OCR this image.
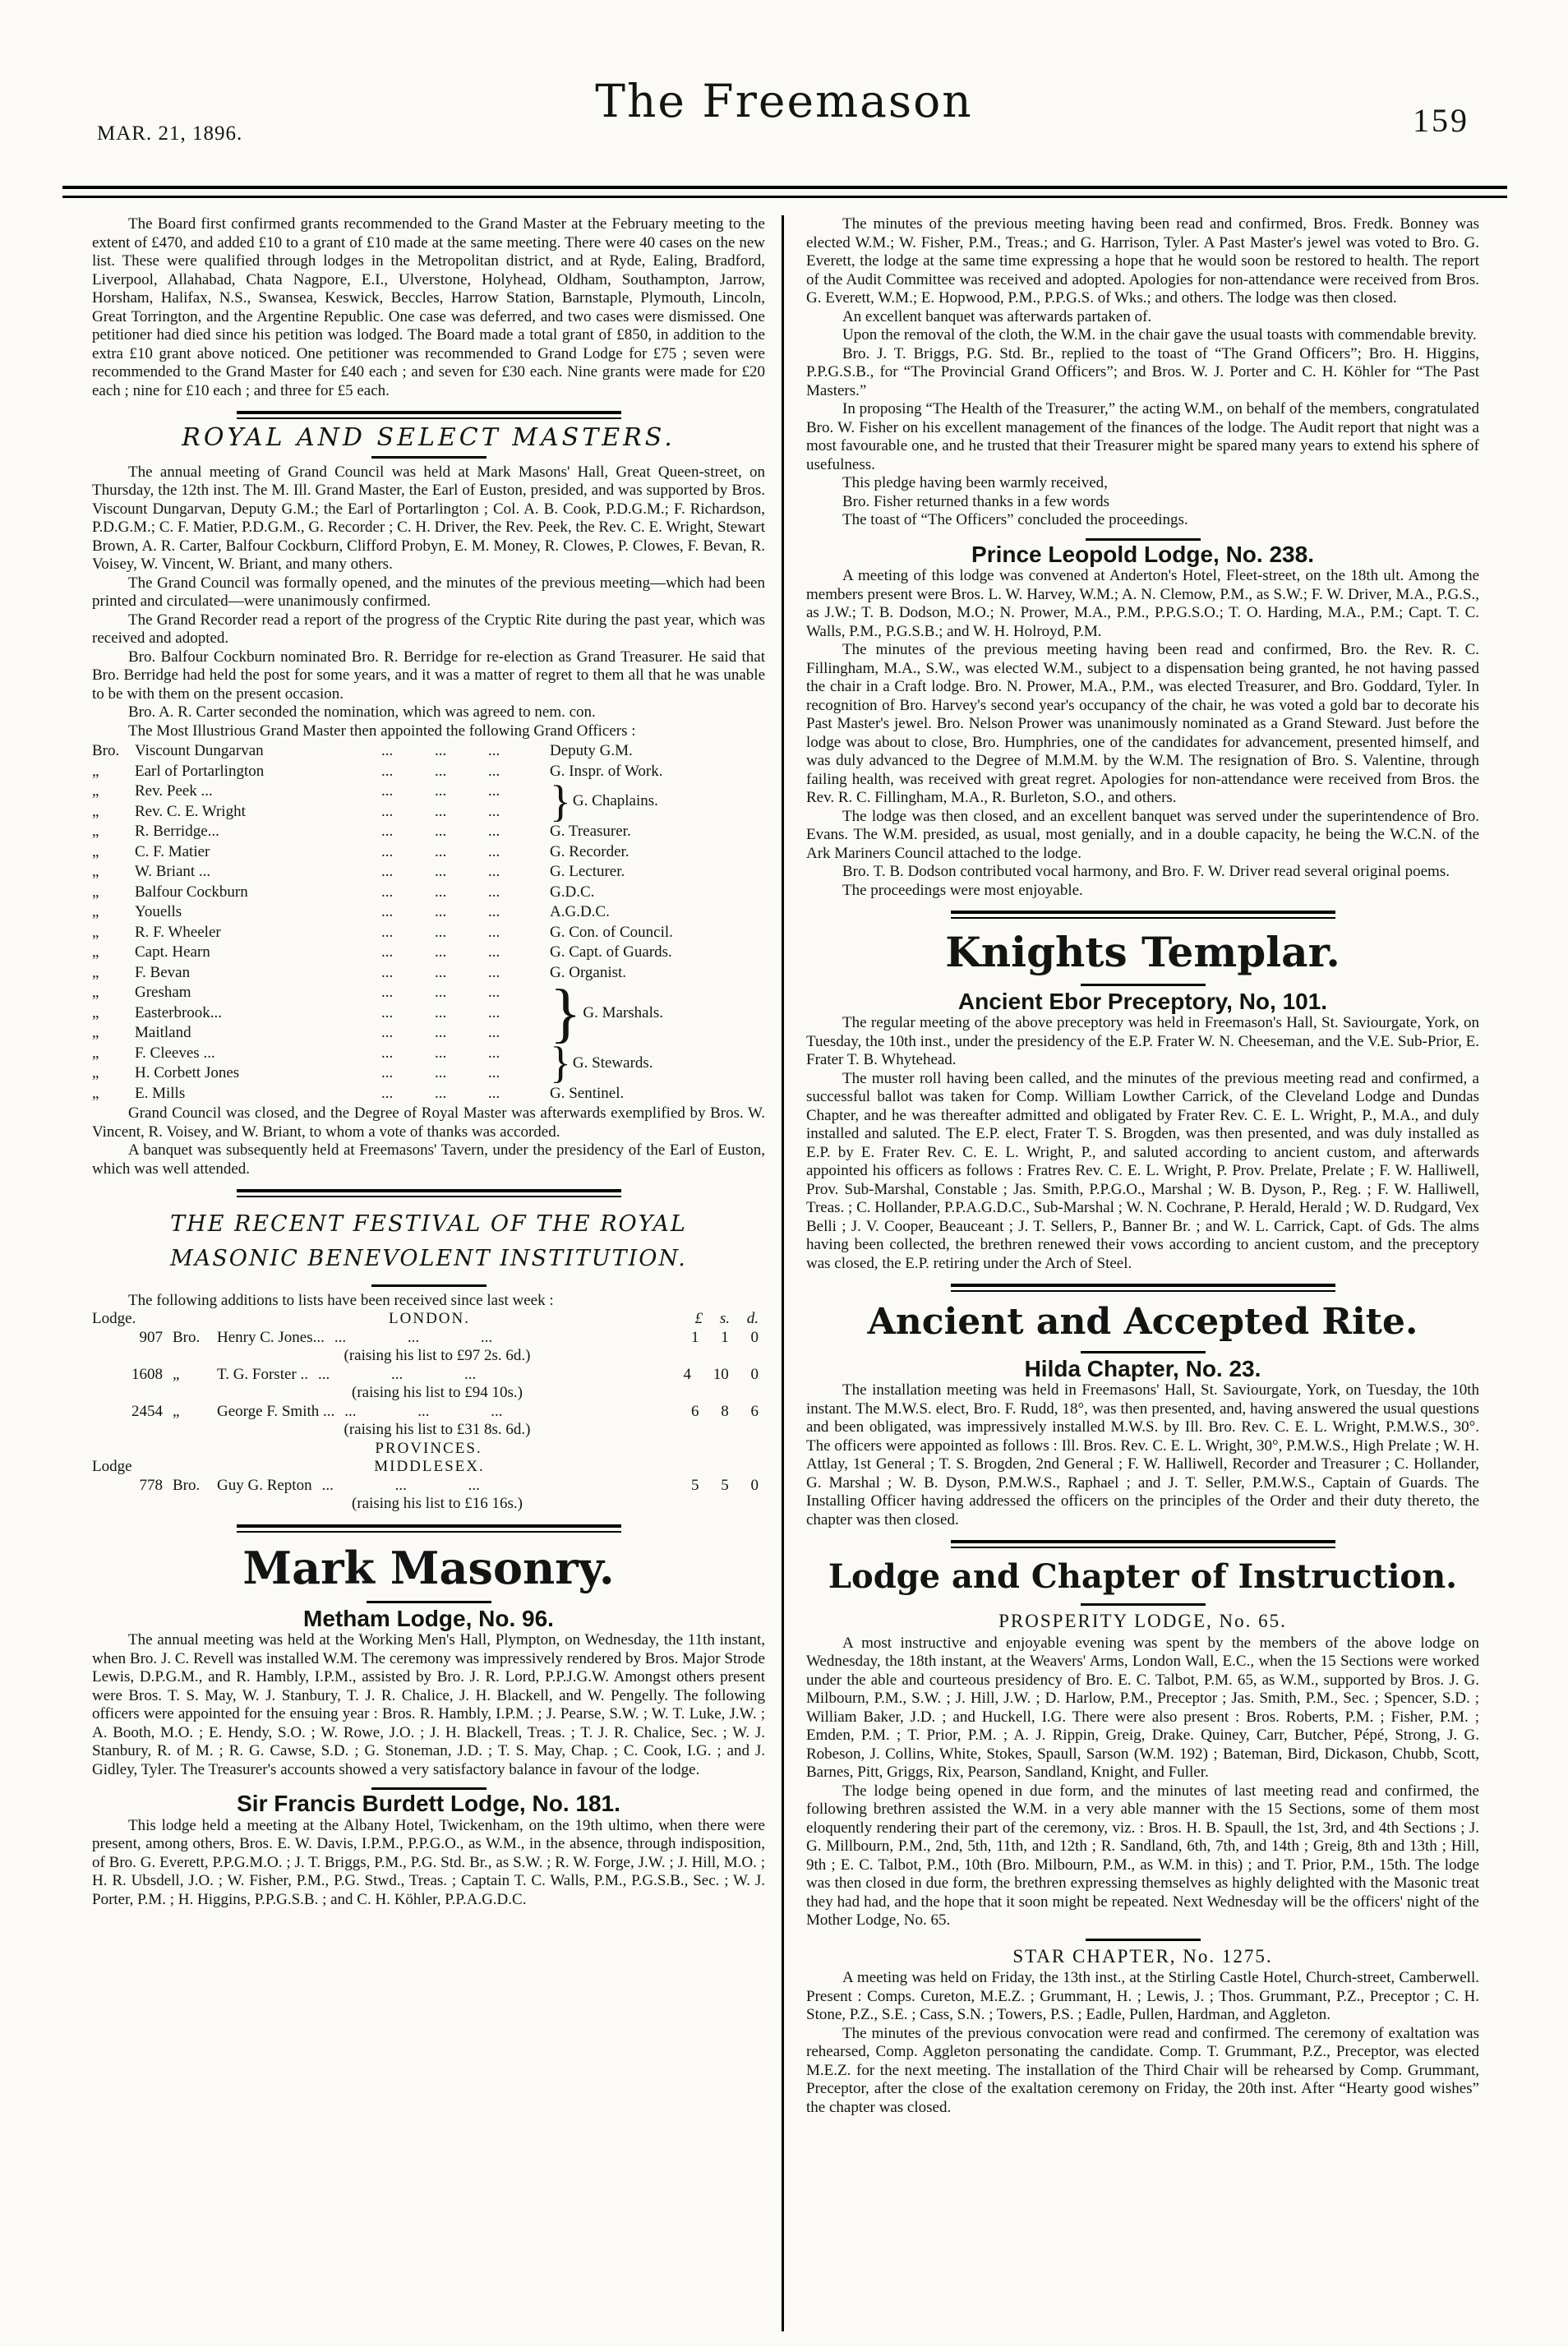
MAR. 21, 1896.
The Freemason	159

The Board first confirmed grants recommended to the Grand Master at the February meeting to the extent of £470, and added £10 to a grant of £10 made at the same meeting. There were 40 cases on the new list. These were qualified through lodges in the Metropolitan district, and at Ryde, Ealing, Bradford, Liverpool, Allahabad, Chata Nagpore, E.I., Ulverstone, Holyhead, Oldham, Southampton, Jarrow, Horsham, Halifax, N.S., Swansea, Keswick, Beccles, Harrow Station, Barnstaple, Plymouth, Lincoln, Great Torrington, and the Argentine Republic. One case was deferred, and two cases were dismissed. One petitioner had died since his petition was lodged. The Board made a total grant of £850, in addition to the extra £10 grant above noticed. One petitioner was recommended to Grand Lodge for £75 ; seven were recommended to the Grand Master for £40 each ; and seven for £30 each. Nine grants were made for £20 each ; nine for £10 each ; and three for £5 each.

ROYAL AND SELECT MASTERS.

The annual meeting of Grand Council was held at Mark Masons' Hall, Great Queen-street, on Thursday, the 12th inst. The M. Ill. Grand Master, the Earl of Euston, presided, and was supported by Bros. Viscount Dungarvan, Deputy G.M.; the Earl of Portarlington ; Col. A. B. Cook, P.D.G.M.; F. Richardson, P.D.G.M.; C. F. Matier, P.D.G.M., G. Recorder ; C. H. Driver, the Rev. Peek, the Rev. C. E. Wright, Stewart Brown, A. R. Carter, Balfour Cockburn, Clifford Probyn, E. M. Money, R. Clowes, P. Clowes, F. Bevan, R. Voisey, W. Vincent, W. Briant, and many others.

The Grand Council was formally opened, and the minutes of the previous meeting—which had been printed and circulated—were unanimously confirmed.

The Grand Recorder read a report of the progress of the Cryptic Rite during the past year, which was received and adopted.

Bro. Balfour Cockburn nominated Bro. R. Berridge for re-election as Grand Treasurer. He said that Bro. Berridge had held the post for some years, and it was a matter of regret to them all that he was unable to be with them on the present occasion.

Bro. A. R. Carter seconded the nomination, which was agreed to nem. con.

The Most Illustrious Grand Master then appointed the following Grand Officers :

Bro.	Viscount Dungarvan	... ... ...	Deputy G.M.
„	Earl of Portarlington	... ... ...	G. Inspr. of Work.
„	Rev. Peek ...	... ... ...	} G. Chaplains.

„	Rev. C. E. Wright	... ... ...	
„	R. Berridge...	... ... ...	G. Treasurer.
„	C. F. Matier	... ... ...	G. Recorder.
„	W. Briant ...	... ... ...	G. Lecturer.
„	Balfour Cockburn	... ... ...	G.D.C.
„	Youells	... ... ...	A.G.D.C.
„	R. F. Wheeler	... ... ...	G. Con. of Council.
„	Capt. Hearn	... ... ...	G. Capt. of Guards.
„	F. Bevan	... ... ...	G. Organist.
„	Gresham	... ... ...	} G. Marshals.

„	Easterbrook...	... ... ...	
„	Maitland	... ... ...	
„	F. Cleeves ...	... ... ...	} G. Stewards.

„	H. Corbett Jones	... ... ...	
„	E. Mills	... ... ...	G. Sentinel.

Grand Council was closed, and the Degree of Royal Master was afterwards exemplified by Bros. W. Vincent, R. Voisey, and W. Briant, to whom a vote of thanks was accorded.

A banquet was subsequently held at Freemasons' Tavern, under the presidency of the Earl of Euston, which was well attended.

THE RECENT FESTIVAL OF THE ROYAL
MASONIC BENEVOLENT INSTITUTION.

The following additions to lists have been received since last week :

Lodge.	LONDON.	£ s. d.
907 Bro.	Henry C. Jones... ... ... ...	1 1 0
(raising his list to £97 2s. 6d.)
1608 „	T. G. Forster .. ... ... ...	4 10 0
(raising his list to £94 10s.)
2454 „	George F. Smith ... ... ... ...	6 8 6
(raising his list to £31 8s. 6d.)
PROVINCES.
Lodge	MIDDLESEX.
778 Bro.	Guy G. Repton ... ... ...	5 5 0
(raising his list to £16 16s.)
Mark Masonry.
Metham Lodge, No. 96.

The annual meeting was held at the Working Men's Hall, Plympton, on Wednesday, the 11th instant, when Bro. J. C. Revell was installed W.M. The ceremony was impressively rendered by Bros. Major Strode Lewis, D.P.G.M., and R. Hambly, I.P.M., assisted by Bro. J. R. Lord, P.P.J.G.W. Amongst others present were Bros. T. S. May, W. J. Stanbury, T. J. R. Chalice, J. H. Blackell, and W. Pengelly. The following officers were appointed for the ensuing year : Bros. R. Hambly, I.P.M. ; J. Pearse, S.W. ; W. T. Luke, J.W. ; A. Booth, M.O. ; E. Hendy, S.O. ; W. Rowe, J.O. ; J. H. Blackell, Treas. ; T. J. R. Chalice, Sec. ; W. J. Stanbury, R. of M. ; R. G. Cawse, S.D. ; G. Stoneman, J.D. ; T. S. May, Chap. ; C. Cook, I.G. ; and J. Gidley, Tyler. The Treasurer's accounts showed a very satisfactory balance in favour of the lodge.

Sir Francis Burdett Lodge, No. 181.

This lodge held a meeting at the Albany Hotel, Twickenham, on the 19th ultimo, when there were present, among others, Bros. E. W. Davis, I.P.M., P.P.G.O., as W.M., in the absence, through indisposition, of Bro. G. Everett, P.P.G.M.O. ; J. T. Briggs, P.M., P.G. Std. Br., as S.W. ; R. W. Forge, J.W. ; J. Hill, M.O. ; H. R. Ubsdell, J.O. ; W. Fisher, P.M., P.G. Stwd., Treas. ; Captain T. C. Walls, P.M., P.G.S.B., Sec. ; W. J. Porter, P.M. ; H. Higgins, P.P.G.S.B. ; and C. H. Köhler, P.P.A.G.D.C.

The minutes of the previous meeting having been read and confirmed, Bros. Fredk. Bonney was elected W.M.; W. Fisher, P.M., Treas.; and G. Harrison, Tyler. A Past Master's jewel was voted to Bro. G. Everett, the lodge at the same time expressing a hope that he would soon be restored to health. The report of the Audit Committee was received and adopted. Apologies for non-attendance were received from Bros. G. Everett, W.M.; E. Hopwood, P.M., P.P.G.S. of Wks.; and others. The lodge was then closed.

An excellent banquet was afterwards partaken of.

Upon the removal of the cloth, the W.M. in the chair gave the usual toasts with commendable brevity.

Bro. J. T. Briggs, P.G. Std. Br., replied to the toast of “The Grand Officers”; Bro. H. Higgins, P.P.G.S.B., for “The Provincial Grand Officers”; and Bros. W. J. Porter and C. H. Köhler for “The Past Masters.”

In proposing “The Health of the Treasurer,” the acting W.M., on behalf of the members, congratulated Bro. W. Fisher on his excellent management of the finances of the lodge. The Audit report that night was a most favourable one, and he trusted that their Treasurer might be spared many years to extend his sphere of usefulness.

This pledge having been warmly received,

Bro. Fisher returned thanks in a few words

The toast of “The Officers” concluded the proceedings.

Prince Leopold Lodge, No. 238.

A meeting of this lodge was convened at Anderton's Hotel, Fleet-street, on the 18th ult. Among the members present were Bros. L. W. Harvey, W.M.; A. N. Clemow, P.M., as S.W.; F. W. Driver, M.A., P.G.S., as J.W.; T. B. Dodson, M.O.; N. Prower, M.A., P.M., P.P.G.S.O.; T. O. Harding, M.A., P.M.; Capt. T. C. Walls, P.M., P.G.S.B.; and W. H. Holroyd, P.M.

The minutes of the previous meeting having been read and confirmed, Bro. the Rev. R. C. Fillingham, M.A., S.W., was elected W.M., subject to a dispensation being granted, he not having passed the chair in a Craft lodge. Bro. N. Prower, M.A., P.M., was elected Treasurer, and Bro. Goddard, Tyler. In recognition of Bro. Harvey's second year's occupancy of the chair, he was voted a gold bar to decorate his Past Master's jewel. Bro. Nelson Prower was unanimously nominated as a Grand Steward. Just before the lodge was about to close, Bro. Humphries, one of the candidates for advancement, presented himself, and was duly advanced to the Degree of M.M.M. by the W.M. The resignation of Bro. S. Valentine, through failing health, was received with great regret. Apologies for non-attendance were received from Bros. the Rev. R. C. Fillingham, M.A., R. Burleton, S.O., and others.

The lodge was then closed, and an excellent banquet was served under the superintendence of Bro. Evans. The W.M. presided, as usual, most genially, and in a double capacity, he being the W.C.N. of the Ark Mariners Council attached to the lodge.

Bro. T. B. Dodson contributed vocal harmony, and Bro. F. W. Driver read several original poems.

The proceedings were most enjoyable.

Knights Templar.
Ancient Ebor Preceptory, No, 101.

The regular meeting of the above preceptory was held in Freemason's Hall, St. Saviourgate, York, on Tuesday, the 10th inst., under the presidency of the E.P. Frater W. N. Cheeseman, and the V.E. Sub-Prior, E. Frater T. B. Whytehead.

The muster roll having been called, and the minutes of the previous meeting read and confirmed, a successful ballot was taken for Comp. William Lowther Carrick, of the Cleveland Lodge and Dundas Chapter, and he was thereafter admitted and obligated by Frater Rev. C. E. L. Wright, P., M.A., and duly installed and saluted. The E.P. elect, Frater T. S. Brogden, was then presented, and was duly installed as E.P. by E. Frater Rev. C. E. L. Wright, P., and saluted according to ancient custom, and afterwards appointed his officers as follows : Fratres Rev. C. E. L. Wright, P. Prov. Prelate, Prelate ; F. W. Halliwell, Prov. Sub-Marshal, Constable ; Jas. Smith, P.P.G.O., Marshal ; W. B. Dyson, P., Reg. ; F. W. Halliwell, Treas. ; C. Hollander, P.P.A.G.D.C., Sub-Marshal ; W. N. Cochrane, P. Herald, Herald ; W. D. Rudgard, Vex Belli ; J. V. Cooper, Beauceant ; J. T. Sellers, P., Banner Br. ; and W. L. Carrick, Capt. of Gds. The alms having been collected, the brethren renewed their vows according to ancient custom, and the preceptory was closed, the E.P. retiring under the Arch of Steel.

Ancient and Accepted Rite.
Hilda Chapter, No. 23.

The installation meeting was held in Freemasons' Hall, St. Saviourgate, York, on Tuesday, the 10th instant. The M.W.S. elect, Bro. F. Rudd, 18°, was then presented, and, having answered the usual questions and been obligated, was impressively installed M.W.S. by Ill. Bro. Rev. C. E. L. Wright, P.M.W.S., 30°. The officers were appointed as follows : Ill. Bros. Rev. C. E. L. Wright, 30°, P.M.W.S., High Prelate ; W. H. Attlay, 1st General ; T. S. Brogden, 2nd General ; F. W. Halliwell, Recorder and Treasurer ; C. Hollander, G. Marshal ; W. B. Dyson, P.M.W.S., Raphael ; and J. T. Seller, P.M.W.S., Captain of Guards. The Installing Officer having addressed the officers on the principles of the Order and their duty thereto, the chapter was then closed.

Lodge and Chapter of Instruction.
PROSPERITY LODGE, No. 65.

A most instructive and enjoyable evening was spent by the members of the above lodge on Wednesday, the 18th instant, at the Weavers' Arms, London Wall, E.C., when the 15 Sections were worked under the able and courteous presidency of Bro. E. C. Talbot, P.M. 65, as W.M., supported by Bros. J. G. Milbourn, P.M., S.W. ; J. Hill, J.W. ; D. Harlow, P.M., Preceptor ; Jas. Smith, P.M., Sec. ; Spencer, S.D. ; William Baker, J.D. ; and Huckell, I.G. There were also present : Bros. Roberts, P.M. ; Fisher, P.M. ; Emden, P.M. ; T. Prior, P.M. ; A. J. Rippin, Greig, Drake. Quiney, Carr, Butcher, Pépé, Strong, J. G. Robeson, J. Collins, White, Stokes, Spaull, Sarson (W.M. 192) ; Bateman, Bird, Dickason, Chubb, Scott, Barnes, Pitt, Griggs, Rix, Pearson, Sandland, Knight, and Fuller.

The lodge being opened in due form, and the minutes of last meeting read and confirmed, the following brethren assisted the W.M. in a very able manner with the 15 Sections, some of them most eloquently rendering their part of the ceremony, viz. : Bros. H. B. Spaull, the 1st, 3rd, and 4th Sections ; J. G. Millbourn, P.M., 2nd, 5th, 11th, and 12th ; R. Sandland, 6th, 7th, and 14th ; Greig, 8th and 13th ; Hill, 9th ; E. C. Talbot, P.M., 10th (Bro. Milbourn, P.M., as W.M. in this) ; and T. Prior, P.M., 15th. The lodge was then closed in due form, the brethren expressing themselves as highly delighted with the Masonic treat they had had, and the hope that it soon might be repeated. Next Wednesday will be the officers' night of the Mother Lodge, No. 65.

STAR CHAPTER, No. 1275.

A meeting was held on Friday, the 13th inst., at the Stirling Castle Hotel, Church-street, Camberwell. Present : Comps. Cureton, M.E.Z. ; Grummant, H. ; Lewis, J. ; Thos. Grummant, P.Z., Preceptor ; C. H. Stone, P.Z., S.E. ; Cass, S.N. ; Towers, P.S. ; Eadle, Pullen, Hardman, and Aggleton.

The minutes of the previous convocation were read and confirmed. The ceremony of exaltation was rehearsed, Comp. Aggleton personating the candidate. Comp. T. Grummant, P.Z., Preceptor, was elected M.E.Z. for the next meeting. The installation of the Third Chair will be rehearsed by Comp. Grummant, Preceptor, after the close of the exaltation ceremony on Friday, the 20th inst. After “Hearty good wishes” the chapter was closed.
